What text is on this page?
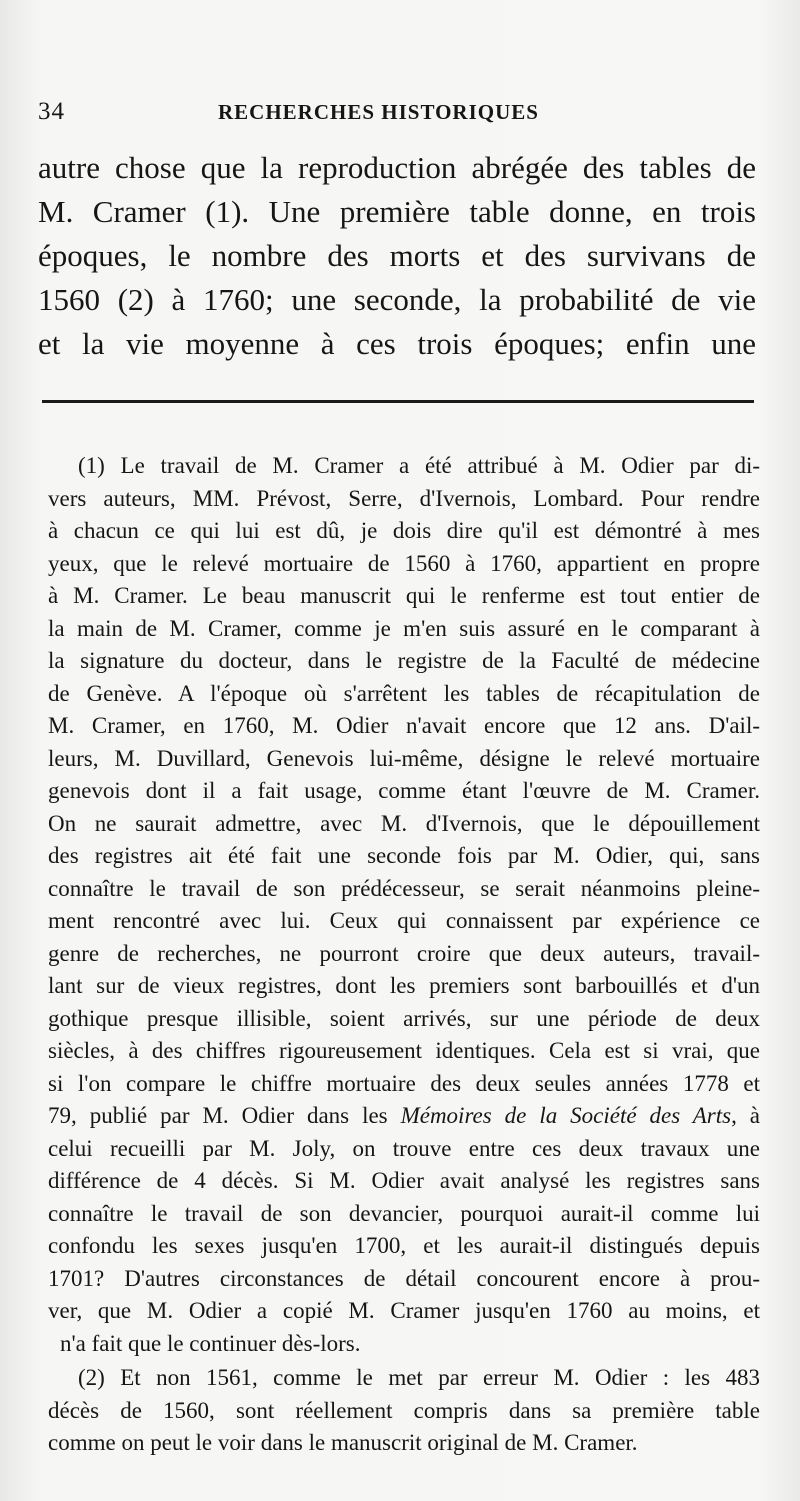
34	RECHERCHES HISTORIQUES
autre chose que la reproduction abrégée des tables de
M. Cramer (1). Une première table donne, en trois
époques, le nombre des morts et des survivans de
1560 (2) à 1760; une seconde, la probabilité de vie
et la vie moyenne à ces trois époques; enfin une

(1) Le travail de M. Cramer a été attribué à M. Odier par di-
vers auteurs, MM. Prévost, Serre, d'Ivernois, Lombard. Pour rendre
à chacun ce qui lui est dû, je dois dire qu'il est démontré à mes
yeux, que le relevé mortuaire de 1560 à 1760, appartient en propre
à M. Cramer. Le beau manuscrit qui le renferme est tout entier de
la main de M. Cramer, comme je m'en suis assuré en le comparant à
la signature du docteur, dans le registre de la Faculté de médecine
de Genève. A l'époque où s'arrêtent les tables de récapitulation de
M. Cramer, en 1760, M. Odier n'avait encore que 12 ans. D'ail-
leurs, M. Duvillard, Genevois lui-même, désigne le relevé mortuaire
genevois dont il a fait usage, comme étant l'œuvre de M. Cramer.
On ne saurait admettre, avec M. d'Ivernois, que le dépouillement
des registres ait été fait une seconde fois par M. Odier, qui, sans
connaître le travail de son prédécesseur, se serait néanmoins pleine-
ment rencontré avec lui. Ceux qui connaissent par expérience ce
genre de recherches, ne pourront croire que deux auteurs, travail-
lant sur de vieux registres, dont les premiers sont barbouillés et d'un
gothique presque illisible, soient arrivés, sur une période de deux
siècles, à des chiffres rigoureusement identiques. Cela est si vrai, que
si l'on compare le chiffre mortuaire des deux seules années 1778 et
79, publié par M. Odier dans les Mémoires de la Société des Arts, à
celui recueilli par M. Joly, on trouve entre ces deux travaux une
différence de 4 décès. Si M. Odier avait analysé les registres sans
connaître le travail de son devancier, pourquoi aurait-il comme lui
confondu les sexes jusqu'en 1700, et les aurait-il distingués depuis
1701? D'autres circonstances de détail concourent encore à prou-
ver, que M. Odier a copié M. Cramer jusqu'en 1760 au moins, et
n'a fait que le continuer dès-lors.
(2) Et non 1561, comme le met par erreur M. Odier : les 483
décès de 1560, sont réellement compris dans sa première table
comme on peut le voir dans le manuscrit original de M. Cramer.
